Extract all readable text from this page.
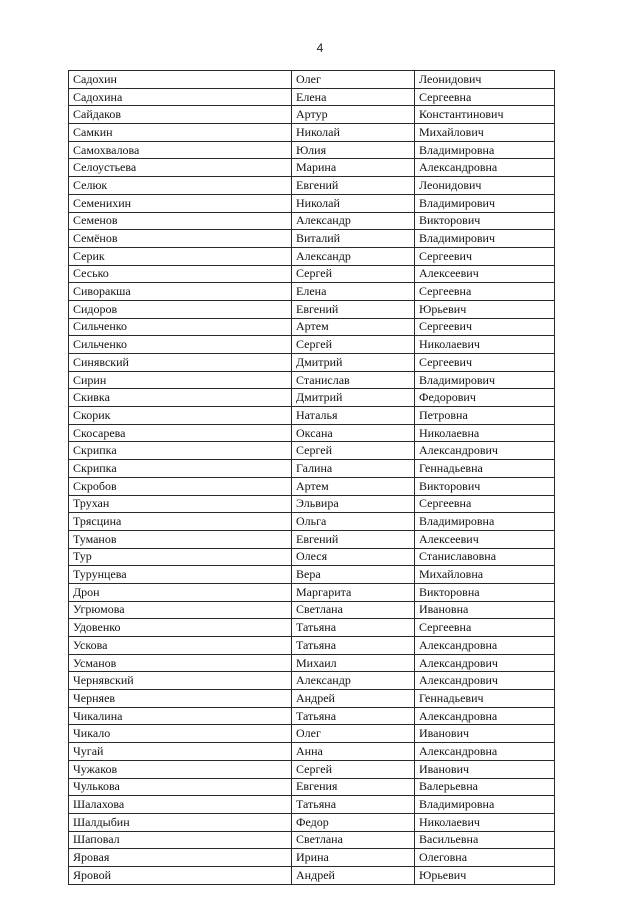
4
Садохин	Олег	Леонидович
Садохина	Елена	Сергеевна
Сайдаков	Артур	Константинович
Самкин	Николай	Михайлович
Самохвалова	Юлия	Владимировна
Селоустьева	Марина	Александровна
Селюк	Евгений	Леонидович
Семенихин	Николай	Владимирович
Семенов	Александр	Викторович
Семёнов	Виталий	Владимирович
Серик	Александр	Сергеевич
Сесько	Сергей	Алексеевич
Сиворакша	Елена	Сергеевна
Сидоров	Евгений	Юрьевич
Сильченко	Артем	Сергеевич
Сильченко	Сергей	Николаевич
Синявский	Дмитрий	Сергеевич
Сирин	Станислав	Владимирович
Скивка	Дмитрий	Федорович
Скорик	Наталья	Петровна
Скосарева	Оксана	Николаевна
Скрипка	Сергей	Александрович
Скрипка	Галина	Геннадьевна
Скробов	Артем	Викторович
Трухан	Эльвира	Сергеевна
Трясцина	Ольга	Владимировна
Туманов	Евгений	Алексеевич
Тур	Олеся	Станиславовна
Турунцева	Вера	Михайловна
Дрон	Маргарита	Викторовна
Угрюмова	Светлана	Ивановна
Удовенко	Татьяна	Сергеевна
Ускова	Татьяна	Александровна
Усманов	Михаил	Александрович
Чернявский	Александр	Александрович
Черняев	Андрей	Геннадьевич
Чикалина	Татьяна	Александровна
Чикало	Олег	Иванович
Чугай	Анна	Александровна
Чужаков	Сергей	Иванович
Чулькова	Евгения	Валерьевна
Шалахова	Татьяна	Владимировна
Шалдыбин	Федор	Николаевич
Шаповал	Светлана	Васильевна
Яровая	Ирина	Олеговна
Яровой	Андрей	Юрьевич
